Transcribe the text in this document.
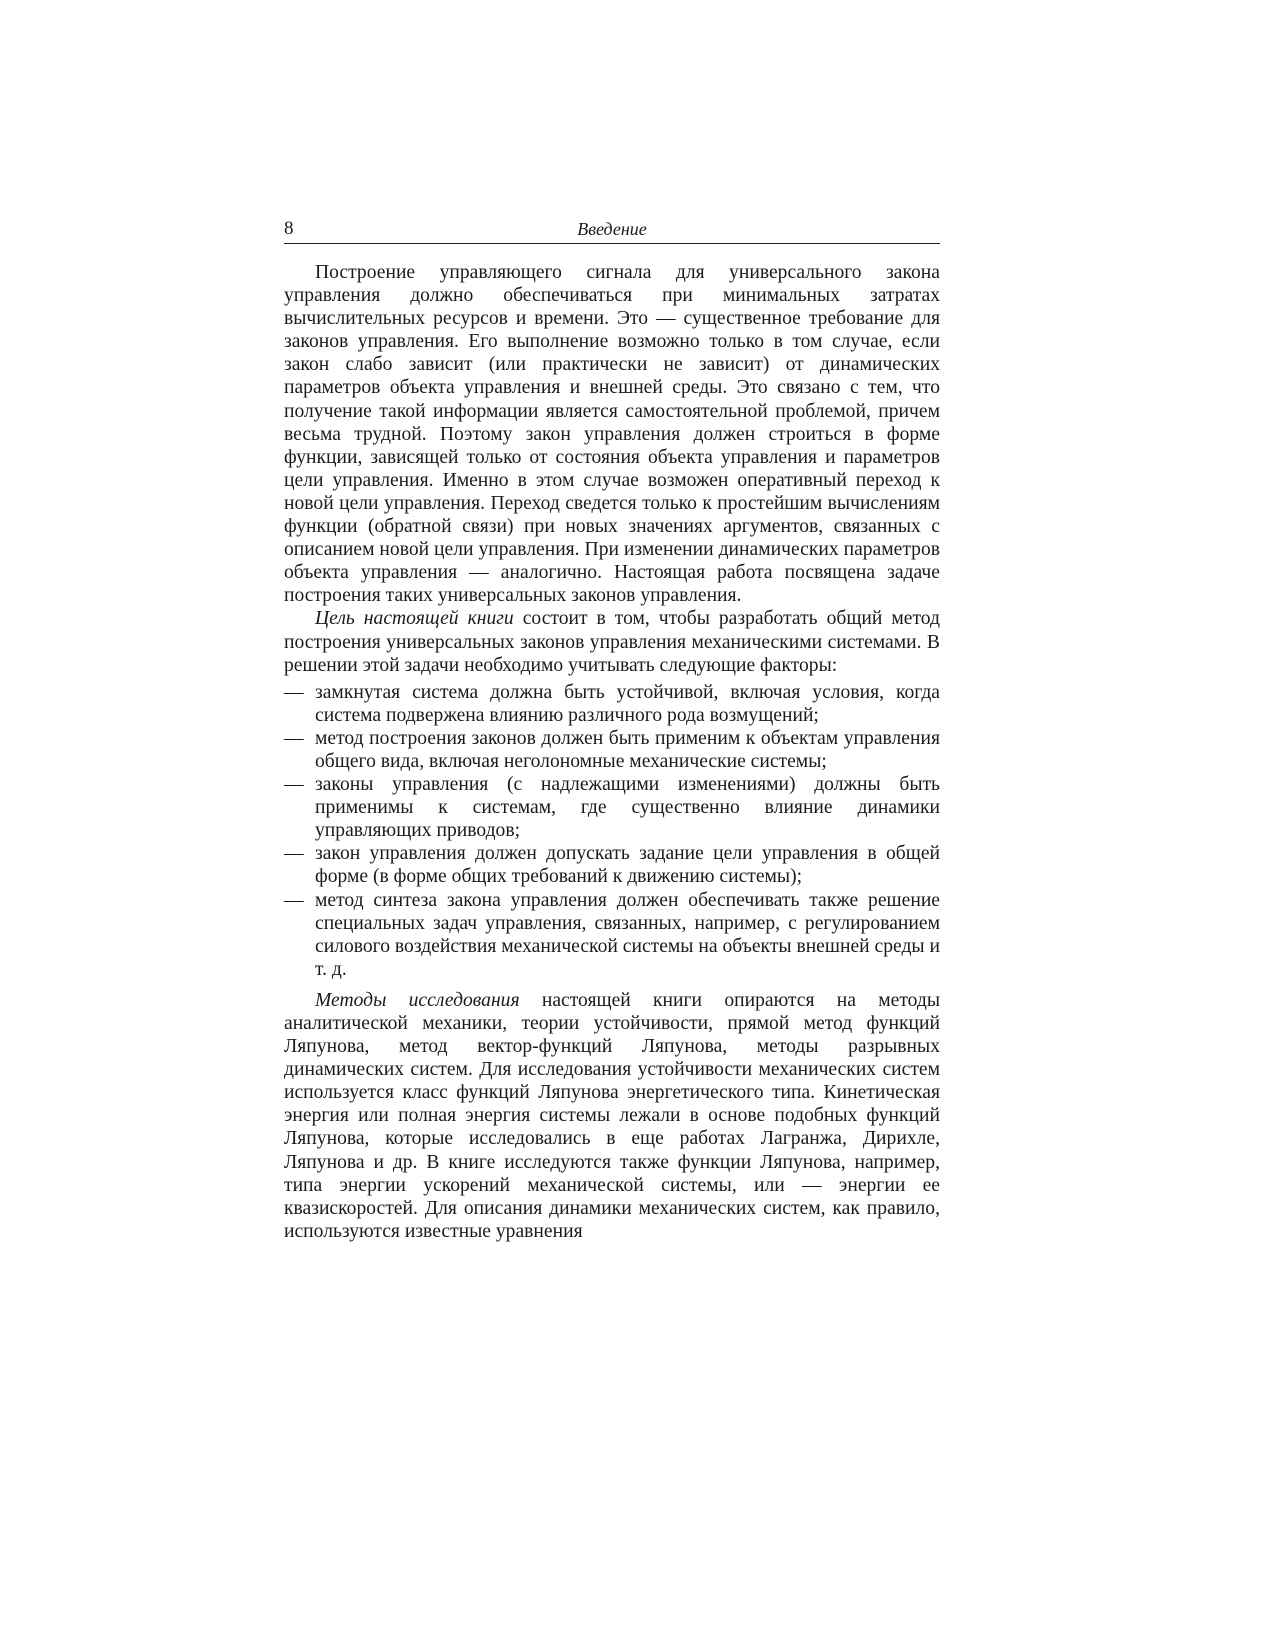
8	Введение

Построение управляющего сигнала для универсального закона управления должно обеспечиваться при минимальных затратах вычислительных ресурсов и времени. Это — существенное требование для законов управления. Его выполнение возможно только в том случае, если закон слабо зависит (или практически не зависит) от динамических параметров объекта управления и внешней среды. Это связано с тем, что получение такой информации является самостоятельной проблемой, причем весьма трудной. Поэтому закон управления должен строиться в форме функции, зависящей только от состояния объекта управления и параметров цели управления. Именно в этом случае возможен оперативный переход к новой цели управления. Переход сведется только к простейшим вычислениям функции (обратной связи) при новых значениях аргументов, связанных с описанием новой цели управления. При изменении динамических параметров объекта управления — аналогично. Настоящая работа посвящена задаче построения таких универсальных законов управления.

Цель настоящей книги состоит в том, чтобы разработать общий метод построения универсальных законов управления механическими системами. В решении этой задачи необходимо учитывать следующие факторы:

— замкнутая система должна быть устойчивой, включая условия, когда система подвержена влиянию различного рода возмущений;
— метод построения законов должен быть применим к объектам управления общего вида, включая неголономные механические системы;
— законы управления (с надлежащими изменениями) должны быть применимы к системам, где существенно влияние динамики управляющих приводов;
— закон управления должен допускать задание цели управления в общей форме (в форме общих требований к движению системы);
— метод синтеза закона управления должен обеспечивать также решение специальных задач управления, связанных, например, с регулированием силового воздействия механической системы на объекты внешней среды и т. д.

Методы исследования настоящей книги опираются на методы аналитической механики, теории устойчивости, прямой метод функций Ляпунова, метод вектор-функций Ляпунова, методы разрывных динамических систем. Для исследования устойчивости механических систем используется класс функций Ляпунова энергетического типа. Кинетическая энергия или полная энергия системы лежали в основе подобных функций Ляпунова, которые исследовались в еще работах Лагранжа, Дирихле, Ляпунова и др. В книге исследуются также функции Ляпунова, например, типа энергии ускорений механической системы, или — энергии ее квазискоростей. Для описания динамики механических систем, как правило, используются известные уравнения
